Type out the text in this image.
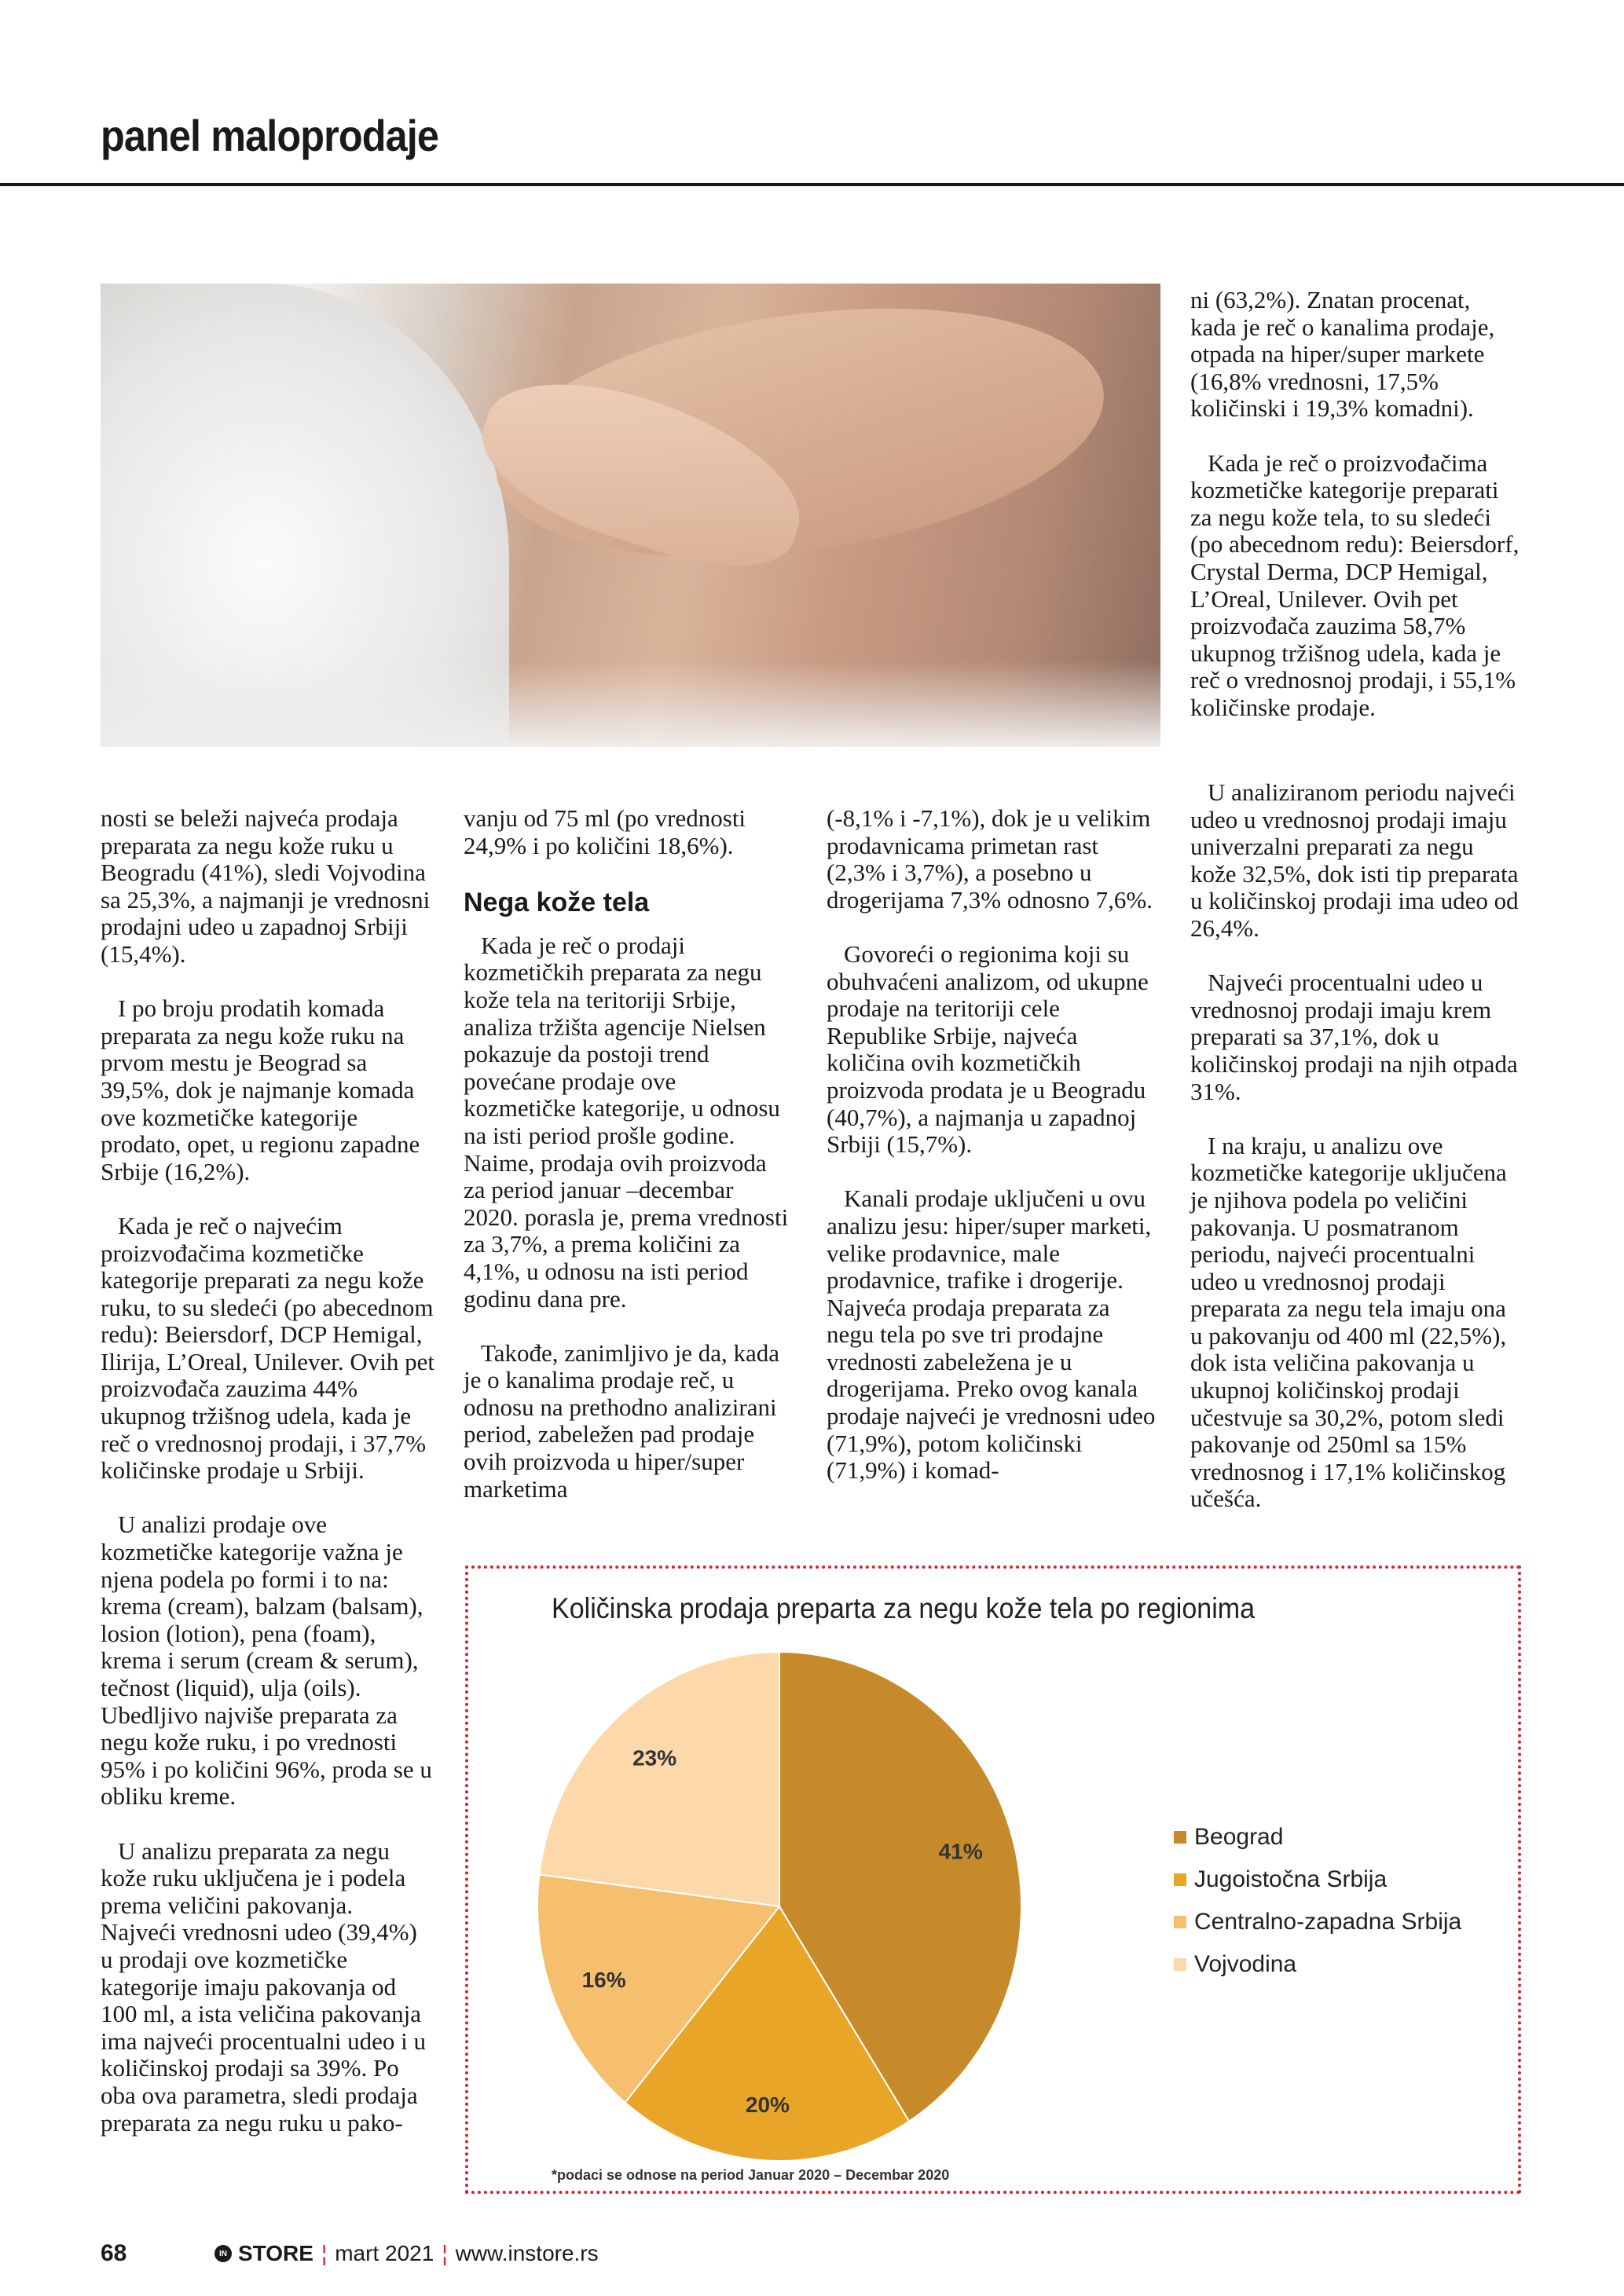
panel maloprodaje

ni (63,2%). Znatan procenat, kada je reč o kanalima prodaje, otpada na hiper/super markete (16,8% vrednosni, 17,5% količinski i 19,3% komadni).

Kada je reč o proizvođačima kozmetičke kategorije preparati za negu kože tela, to su sledeći (po abecednom redu): Beiersdorf, Crystal Derma, DCP Hemigal, L’Oreal, Unilever. Ovih pet proizvođača zauzima 58,7% ukupnog tržišnog udela, kada je reč o vrednosnoj prodaji, i 55,1% količinske prodaje.

nosti se beleži najveća prodaja preparata za negu kože ruku u Beogradu (41%), sledi Vojvodina sa 25,3%, a najmanji je vrednosni prodajni udeo u zapadnoj Srbiji (15,4%).

I po broju prodatih komada preparata za negu kože ruku na prvom mestu je Beograd sa 39,5%, dok je najmanje komada ove kozmetičke kategorije prodato, opet, u regionu zapadne Srbije (16,2%).

Kada je reč o najvećim proizvođačima kozmetičke kategorije preparati za negu kože ruku, to su sledeći (po abecednom redu): Beiersdorf, DCP Hemigal, Ilirija, L’Oreal, Unilever. Ovih pet proizvođača zauzima 44% ukupnog tržišnog udela, kada je reč o vrednosnoj prodaji, i 37,7% količinske prodaje u Srbiji.

U analizi prodaje ove kozmetičke kategorije važna je njena podela po formi i to na: krema (cream), balzam (balsam), losion (lotion), pena (foam), krema i serum (cream & serum), tečnost (liquid), ulja (oils). Ubedljivo najviše preparata za negu kože ruku, i po vrednosti 95% i po količini 96%, proda se u obliku kreme.

U analizu preparata za negu kože ruku uključena je i podela prema veličini pakovanja. Najveći vrednosni udeo (39,4%) u prodaji ove kozmetičke kategorije imaju pakovanja od 100 ml, a ista veličina pakovanja ima najveći procentualni udeo i u količinskoj prodaji sa 39%. Po oba ova parametra, sledi prodaja preparata za negu ruku u pako-

vanju od 75 ml (po vrednosti 24,9% i po količini 18,6%).

Nega kože tela

Kada je reč o prodaji kozmetičkih preparata za negu kože tela na teritoriji Srbije, analiza tržišta agencije Nielsen pokazuje da postoji trend povećane prodaje ove kozmetičke kategorije, u odnosu na isti period prošle godine. Naime, prodaja ovih proizvoda za period januar –decembar 2020. porasla je, prema vrednosti za 3,7%, a prema količini za 4,1%, u odnosu na isti period godinu dana pre.

Takođe, zanimljivo je da, kada je o kanalima prodaje reč, u odnosu na prethodno analizirani period, zabeležen pad prodaje ovih proizvoda u hiper/super marketima

(-8,1% i -7,1%), dok je u velikim prodavnicama primetan rast (2,3% i 3,7%), a posebno u drogerijama 7,3% odnosno 7,6%.

Govoreći o regionima koji su obuhvaćeni analizom, od ukupne prodaje na teritoriji cele Republike Srbije, najveća količina ovih kozmetičkih proizvoda prodata je u Beogradu (40,7%), a najmanja u zapadnoj Srbiji (15,7%).

Kanali prodaje uključeni u ovu analizu jesu: hiper/super marketi, velike prodavnice, male prodavnice, trafike i drogerije. Najveća prodaja preparata za negu tela po sve tri prodajne vrednosti zabeležena je u drogerijama. Preko ovog kanala prodaje najveći je vrednosni udeo (71,9%), potom količinski (71,9%) i komad-

U analiziranom periodu najveći udeo u vrednosnoj prodaji imaju univerzalni preparati za negu kože 32,5%, dok isti tip preparata u količinskoj prodaji ima udeo od 26,4%.

Najveći procentualni udeo u vrednosnoj prodaji imaju krem preparati sa 37,1%, dok u količinskoj prodaji na njih otpada 31%.

I na kraju, u analizu ove kozmetičke kategorije uključena je njihova podela po veličini pakovanja. U posmatranom periodu, najveći procentualni udeo u vrednosnoj prodaji preparata za negu tela imaju ona u pakovanju od 400 ml (22,5%), dok ista veličina pakovanja u ukupnoj količinskoj prodaji učestvuje sa 30,2%, potom sledi pakovanje od 250ml sa 15% vrednosnog i 17,1% količinskog učešća.

Količinska prodaja preparta za negu kože tela po regionima
41%
20%
16%
23%
Beograd
Jugoistočna Srbija
Centralno-zapadna Srbija
Vojvodina
*podaci se odnose na period Januar 2020 – Decembar 2020
68	IN STORE ¦ mart 2021 ¦ www.instore.rs
